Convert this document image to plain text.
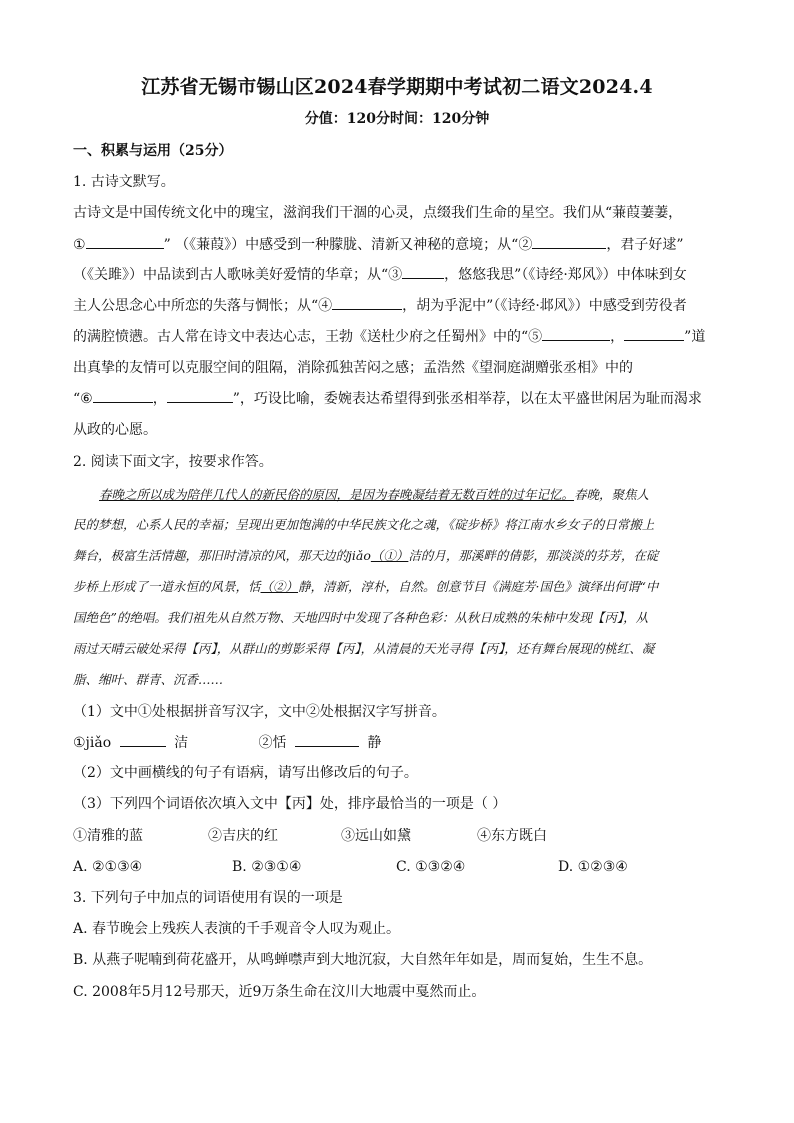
江苏省无锡市锡山区2024春学期期中考试初二语文2024.4
分值：120分时间：120分钟
一、积累与运用（25分）
1. 古诗文默写。
古诗文是中国传统文化中的瑰宝，滋润我们干涸的心灵，点缀我们生命的星空。我们从“蒹葭萋萋，
①	” （《蒹葭》）中感受到一种朦胧、清新又神秘的意境；从“②	，君子好逑”
（《关雎》）中品读到古人歌咏美好爱情的华章；从“③	，悠悠我思”（《诗经·郑风》）中体味到女
主人公思念心中所恋的失落与惆怅；从“④	，胡为乎泥中”（《诗经·邶风》）中感受到劳役者
的满腔愤懑。古人常在诗文中表达心志，王勃《送杜少府之任蜀州》中的“⑤	，	”道
出真挚的友情可以克服空间的阻隔，消除孤独苦闷之感；孟浩然《望洞庭湖赠张丞相》中的
“⑥	，	”，巧设比喻，委婉表达希望得到张丞相举荐，以在太平盛世闲居为耻而渴求
从政的心愿。
2. 阅读下面文字，按要求作答。
春晚之所以成为陪伴几代人的新民俗的原因，是因为春晚凝结着无数百姓的过年记忆。春晚，聚焦人
民的梦想，心系人民的幸福；呈现出更加饱满的中华民族文化之魂，《碇步桥》将江南水乡女子的日常搬上
舞台，极富生活情趣，那旧时清凉的风，那天边的jiǎo（①）洁的月，那溪畔的倩影，那淡淡的芬芳，在碇
步桥上形成了一道永恒的风景，恬（②）静，清新，淳朴，自然。创意节目《满庭芳·国色》演绎出何谓“中
国绝色”的绝唱。我们祖先从自然万物、天地四时中发现了各种色彩：从秋日成熟的朱柿中发现【丙】，从
雨过天晴云破处采得【丙】，从群山的剪影采得【丙】，从清晨的天光寻得【丙】，还有舞台展现的桃红、凝
脂、缃叶、群青、沉香……
（1）文中①处根据拼音写汉字，文中②处根据汉字写拼音。
①jiǎo	洁	②恬	静
（2）文中画横线的句子有语病，请写出修改后的句子。
（3）下列四个词语依次填入文中【丙】处，排序最恰当的一项是（ ）
①清雅的蓝	②吉庆的红	③远山如黛	④东方既白
A. ②①③④	B. ②③①④	C. ①③②④	D. ①②③④
3. 下列句子中加点的词语使用有误的一项是
A. 春节晚会上残疾人表演的千手观音令人叹为观止。
B. 从燕子呢喃到荷花盛开，从鸣蝉噤声到大地沉寂，大自然年年如是，周而复始，生生不息。
C. 2008年5月12号那天，近9万条生命在汶川大地震中戛然而止。
